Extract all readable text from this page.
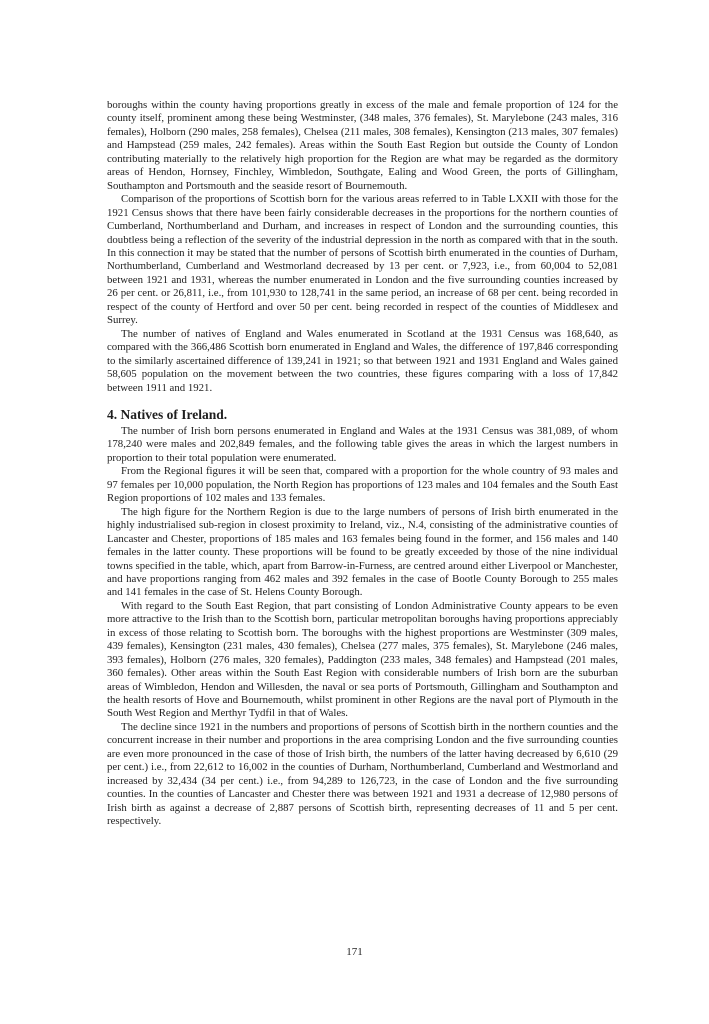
boroughs within the county having proportions greatly in excess of the male and female proportion of 124 for the county itself, prominent among these being Westminster, (348 males, 376 females), St. Marylebone (243 males, 316 females), Holborn (290 males, 258 females), Chelsea (211 males, 308 females), Kensington (213 males, 307 females) and Hampstead (259 males, 242 females). Areas within the South East Region but outside the County of London contributing materially to the relatively high proportion for the Region are what may be regarded as the dormitory areas of Hendon, Hornsey, Finchley, Wimbledon, Southgate, Ealing and Wood Green, the ports of Gillingham, Southampton and Portsmouth and the seaside resort of Bournemouth.

Comparison of the proportions of Scottish born for the various areas referred to in Table LXXII with those for the 1921 Census shows that there have been fairly considerable decreases in the proportions for the northern counties of Cumberland, Northumberland and Durham, and increases in respect of London and the surrounding counties, this doubtless being a reflection of the severity of the industrial depression in the north as compared with that in the south. In this connection it may be stated that the number of persons of Scottish birth enumerated in the counties of Durham, Northumberland, Cumberland and Westmorland decreased by 13 per cent. or 7,923, i.e., from 60,004 to 52,081 between 1921 and 1931, whereas the number enumerated in London and the five surrounding counties increased by 26 per cent. or 26,811, i.e., from 101,930 to 128,741 in the same period, an increase of 68 per cent. being recorded in respect of the county of Hertford and over 50 per cent. being recorded in respect of the counties of Middlesex and Surrey.

The number of natives of England and Wales enumerated in Scotland at the 1931 Census was 168,640, as compared with the 366,486 Scottish born enumerated in England and Wales, the difference of 197,846 corresponding to the similarly ascertained difference of 139,241 in 1921; so that between 1921 and 1931 England and Wales gained 58,605 population on the movement between the two countries, these figures comparing with a loss of 17,842 between 1911 and 1921.

4. Natives of Ireland.

The number of Irish born persons enumerated in England and Wales at the 1931 Census was 381,089, of whom 178,240 were males and 202,849 females, and the following table gives the areas in which the largest numbers in proportion to their total population were enumerated.

From the Regional figures it will be seen that, compared with a proportion for the whole country of 93 males and 97 females per 10,000 population, the North Region has proportions of 123 males and 104 females and the South East Region proportions of 102 males and 133 females.

The high figure for the Northern Region is due to the large numbers of persons of Irish birth enumerated in the highly industrialised sub-region in closest proximity to Ireland, viz., N.4, consisting of the administrative counties of Lancaster and Chester, proportions of 185 males and 163 females being found in the former, and 156 males and 140 females in the latter county. These proportions will be found to be greatly exceeded by those of the nine individual towns specified in the table, which, apart from Barrow-in-Furness, are centred around either Liverpool or Manchester, and have proportions ranging from 462 males and 392 females in the case of Bootle County Borough to 255 males and 141 females in the case of St. Helens County Borough.

With regard to the South East Region, that part consisting of London Administrative County appears to be even more attractive to the Irish than to the Scottish born, particular metropolitan boroughs having proportions appreciably in excess of those relating to Scottish born. The boroughs with the highest proportions are Westminster (309 males, 439 females), Kensington (231 males, 430 females), Chelsea (277 males, 375 females), St. Marylebone (246 males, 393 females), Holborn (276 males, 320 females), Paddington (233 males, 348 females) and Hampstead (201 males, 360 females). Other areas within the South East Region with considerable numbers of Irish born are the suburban areas of Wimbledon, Hendon and Willesden, the naval or sea ports of Portsmouth, Gillingham and Southampton and the health resorts of Hove and Bournemouth, whilst prominent in other Regions are the naval port of Plymouth in the South West Region and Merthyr Tydfil in that of Wales.

The decline since 1921 in the numbers and proportions of persons of Scottish birth in the northern counties and the concurrent increase in their number and proportions in the area comprising London and the five surrounding counties are even more pronounced in the case of those of Irish birth, the numbers of the latter having decreased by 6,610 (29 per cent.) i.e., from 22,612 to 16,002 in the counties of Durham, Northumberland, Cumberland and Westmorland and increased by 32,434 (34 per cent.) i.e., from 94,289 to 126,723, in the case of London and the five surrounding counties. In the counties of Lancaster and Chester there was between 1921 and 1931 a decrease of 12,980 persons of Irish birth as against a decrease of 2,887 persons of Scottish birth, representing decreases of 11 and 5 per cent. respectively.

171
